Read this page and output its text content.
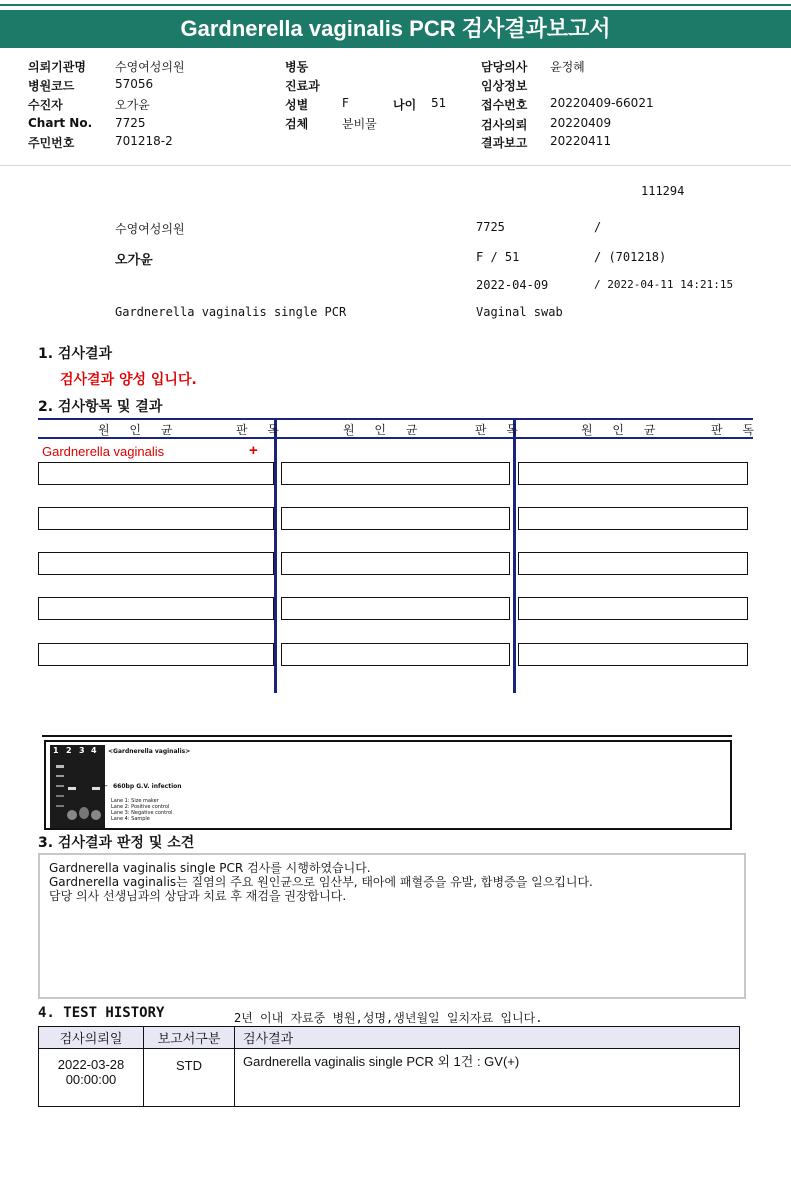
Gardnerella vaginalis PCR 검사결과보고서
의뢰기관명 수영여성의원
병원코드	57056
수진자	오가윤
Chart No. 7725
주민번호	701218-2
병동
진료과
성별	F	나이 51
검체	분비물
담당의사 윤정혜
임상정보
접수번호 20220409-66021
검사의뢰 20220409
결과보고 20220411
111294
수영여성의원	7725	/
오가윤	F / 51	/ (701218)
2022-04-09	/ 2022-04-11 14:21:15
Gardnerella vaginalis single PCR	Vaginal swab
1. 검사결과
검사결과 양성 입니다.
2. 검사항목 및 결과
원 인 균	판 독	원 인 균	판 독	원 인 균	판 독
Gardnerella vaginalis	+
1 2 3 4 <Gardnerella vaginalis>
← 660bp G.V. infection
Lane 1: Size maker
Lane 2: Positive control
Lane 3: Negative control
Lane 4: Sample
3. 검사결과 판정 및 소견
Gardnerella vaginalis single PCR 검사를 시행하였습니다.
Gardnerella vaginalis는 질염의 주요 원인균으로 임산부, 태아에 패혈증을 유발, 합병증을 일으킵니다.
담당 의사 선생님과의 상담과 치료 후 재검을 권장합니다.
4. TEST HISTORY	2년 이내 자료중 병원,성명,생년월일 일치자료 입니다.
검사의뢰일	보고서구분	검사결과

2022-03-28
00:00:00	STD	Gardnerella vaginalis single PCR 외 1건 : GV(+)
